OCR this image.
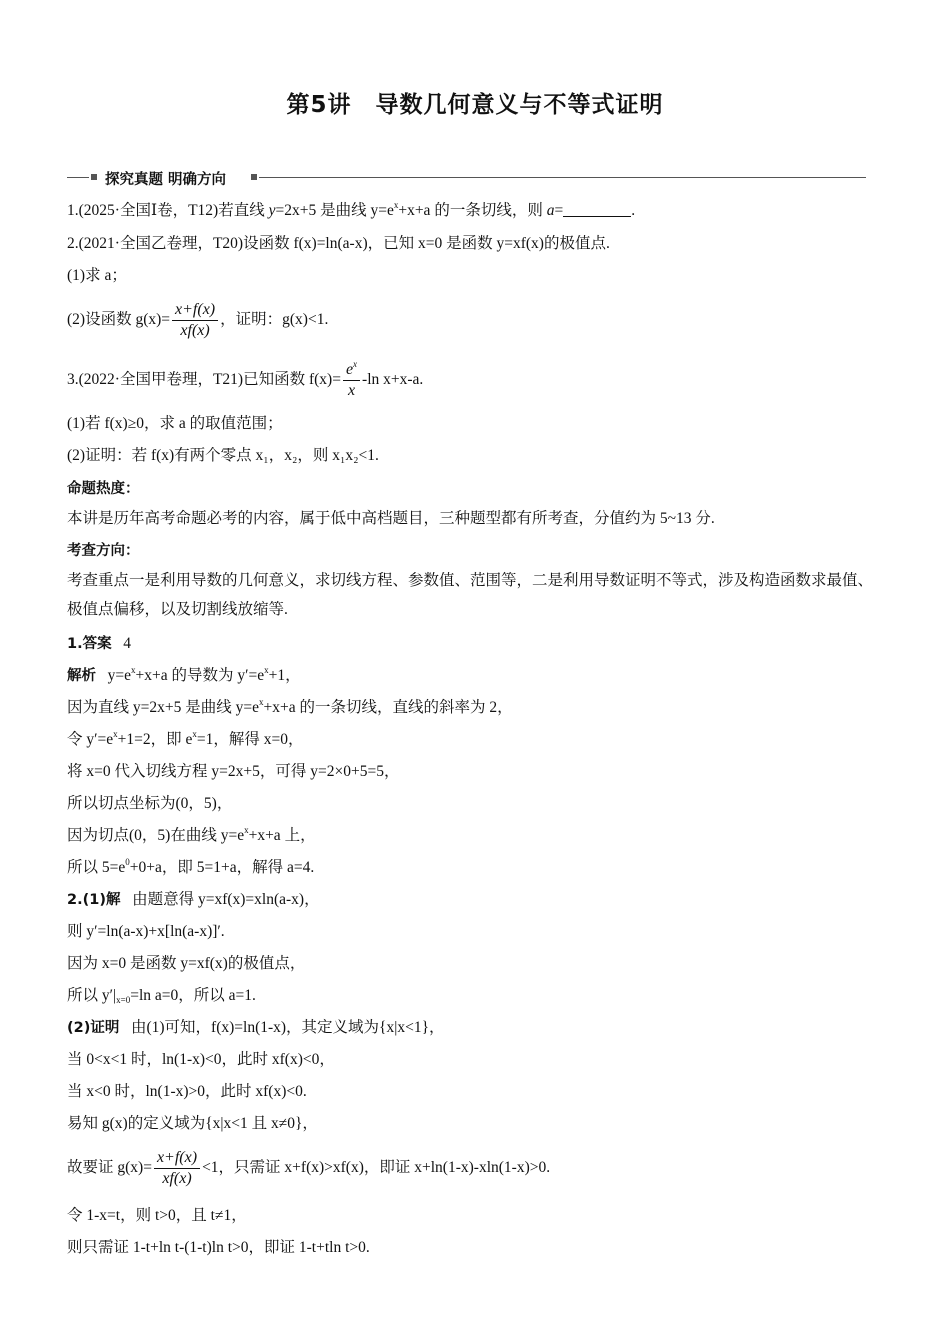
第5讲　导数几何意义与不等式证明
探究真题 明确方向
1.(2025·全国Ⅰ卷，T12)若直线 y=2x+5 是曲线 $y=e^x+x+a$ 的一条切线，则 a=	.
2.(2021·全国乙卷理，T20)设函数 f(x)=ln(a-x)，已知 x=0 是函数 y=xf(x)的极值点.
(1)求 a；
(2)设函数 $g(x)= \frac{x+f(x)}{xf(x)}$ ，证明：g(x)<1.
3.(2022·全国甲卷理，T21)已知函数 $f(x)= \frac{e^x}{x} -\ln$ x+x-a.
(1)若 f(x)≥0，求 a 的取值范围；
(2)证明：若 f(x)有两个零点 x₁，x₂，则 x₁x₂<1.
命题热度：
本讲是历年高考命题必考的内容，属于低中高档题目，三种题型都有所考查，分值约为 5~13 分.
考查方向：
考查重点一是利用导数的几何意义，求切线方程、参数值、范围等，二是利用导数证明不等式，涉及构造函数求最值、极值点偏移，以及切割线放缩等.
1.答案 4
解析 $y=e^x+x+a$ 的导数为 $y'=e^x+1$，
因为直线 y=2x+5 是曲线 $y=e^x+x+a$ 的一条切线，直线的斜率为 2，
令 $y'=e^x+1=2$，即 $e^x=1$，解得 x=0，
将 x=0 代入切线方程 y=2x+5，可得 y=2×0+5=5，
所以切点坐标为(0，5)，
因为切点(0，5)在曲线 $y=e^x+x+a$ 上，
所以 $5=e^0+0+a$，即 5=1+a，解得 a=4.
2.(1)解 由题意得 y=xf(x)=xln(a-x)，
则 y′=ln(a-x)+x[ln(a-x)]′.
因为 x=0 是函数 y=xf(x)的极值点，
所以 $y'|_{x=0}=\ln$ a=0，所以 a=1.
(2)证明 由(1)可知，f(x)=ln(1-x)，其定义域为{x|x<1}，
当 0<x<1 时，ln(1-x)<0，此时 xf(x)<0，
当 x<0 时，ln(1-x)>0，此时 xf(x)<0.
易知 g(x)的定义域为{x|x<1 且 x≠0}，
故要证 $g(x)= \frac{x+f(x)}{xf(x)} <1$，只需证 x+f(x)>xf(x)，即证 x+ln(1-x)-xln(1-x)>0.
令 1-x=t，则 t>0，且 t≠1，
则只需证 1-t+ln t-(1-t)ln t>0，即证 1-t+tln t>0.
